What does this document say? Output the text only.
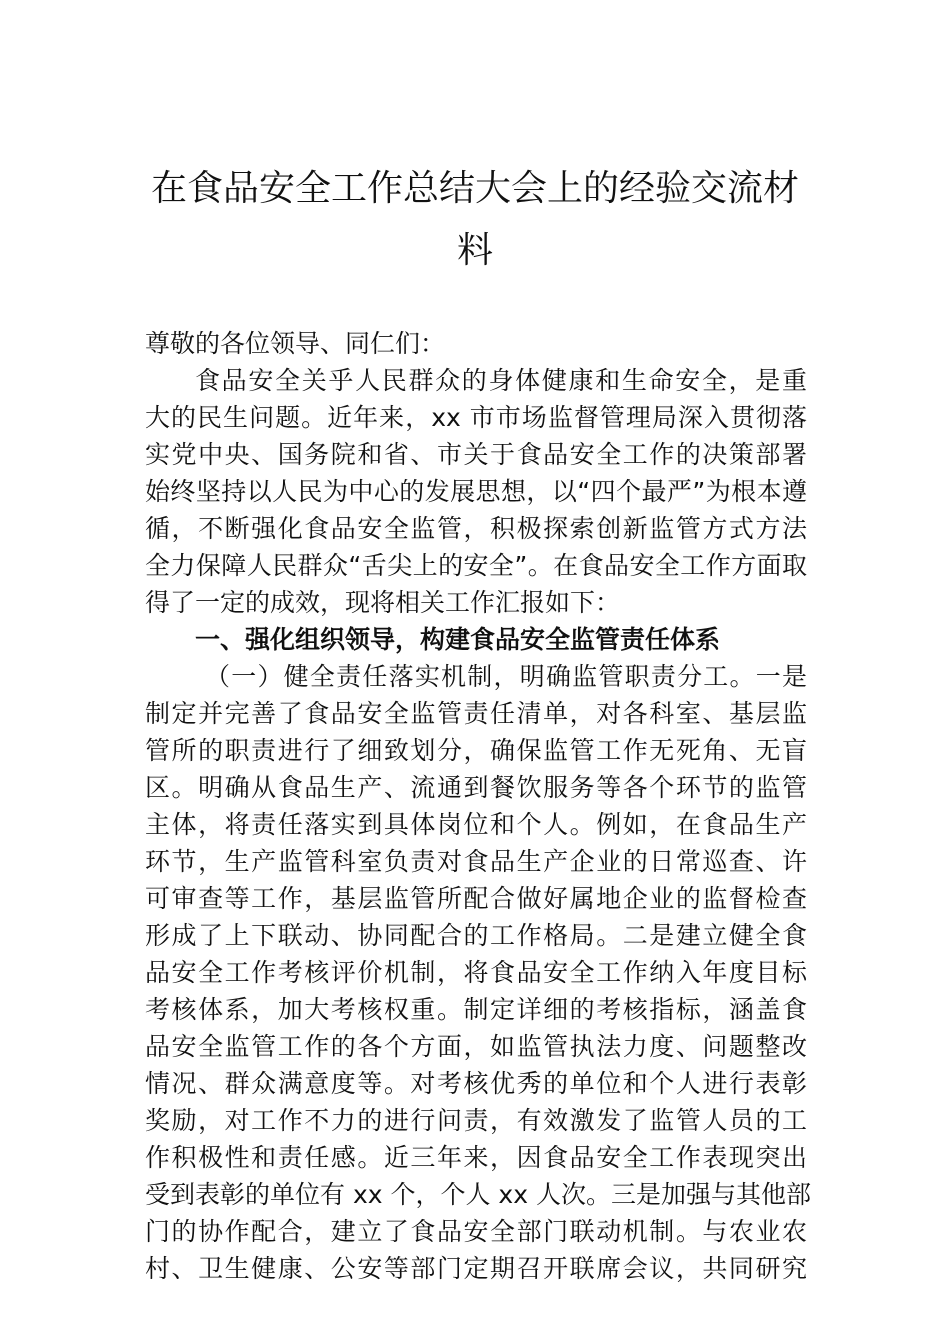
在食品安全工作总结大会上的经验交流材
料

尊敬的各位领导、同仁们：

食品安全关乎人民群众的身体健康和生命安全，是重

大的民生问题。近年来，xx 市市场监督管理局深入贯彻落

实党中央、国务院和省、市关于食品安全工作的决策部署

始终坚持以人民为中心的发展思想，以“四个最严”为根本遵

循，不断强化食品安全监管，积极探索创新监管方式方法

全力保障人民群众“舌尖上的安全”。在食品安全工作方面取

得了一定的成效，现将相关工作汇报如下：

一、强化组织领导，构建食品安全监管责任体系

（一）健全责任落实机制，明确监管职责分工。一是

制定并完善了食品安全监管责任清单，对各科室、基层监

管所的职责进行了细致划分，确保监管工作无死角、无盲

区。明确从食品生产、流通到餐饮服务等各个环节的监管

主体，将责任落实到具体岗位和个人。例如，在食品生产

环节，生产监管科室负责对食品生产企业的日常巡查、许

可审查等工作，基层监管所配合做好属地企业的监督检查

形成了上下联动、协同配合的工作格局。二是建立健全食

品安全工作考核评价机制，将食品安全工作纳入年度目标

考核体系，加大考核权重。制定详细的考核指标，涵盖食

品安全监管工作的各个方面，如监管执法力度、问题整改

情况、群众满意度等。对考核优秀的单位和个人进行表彰

奖励，对工作不力的进行问责，有效激发了监管人员的工

作积极性和责任感。近三年来，因食品安全工作表现突出

受到表彰的单位有 xx 个，个人 xx 人次。三是加强与其他部

门的协作配合，建立了食品安全部门联动机制。与农业农

村、卫生健康、公安等部门定期召开联席会议，共同研究
